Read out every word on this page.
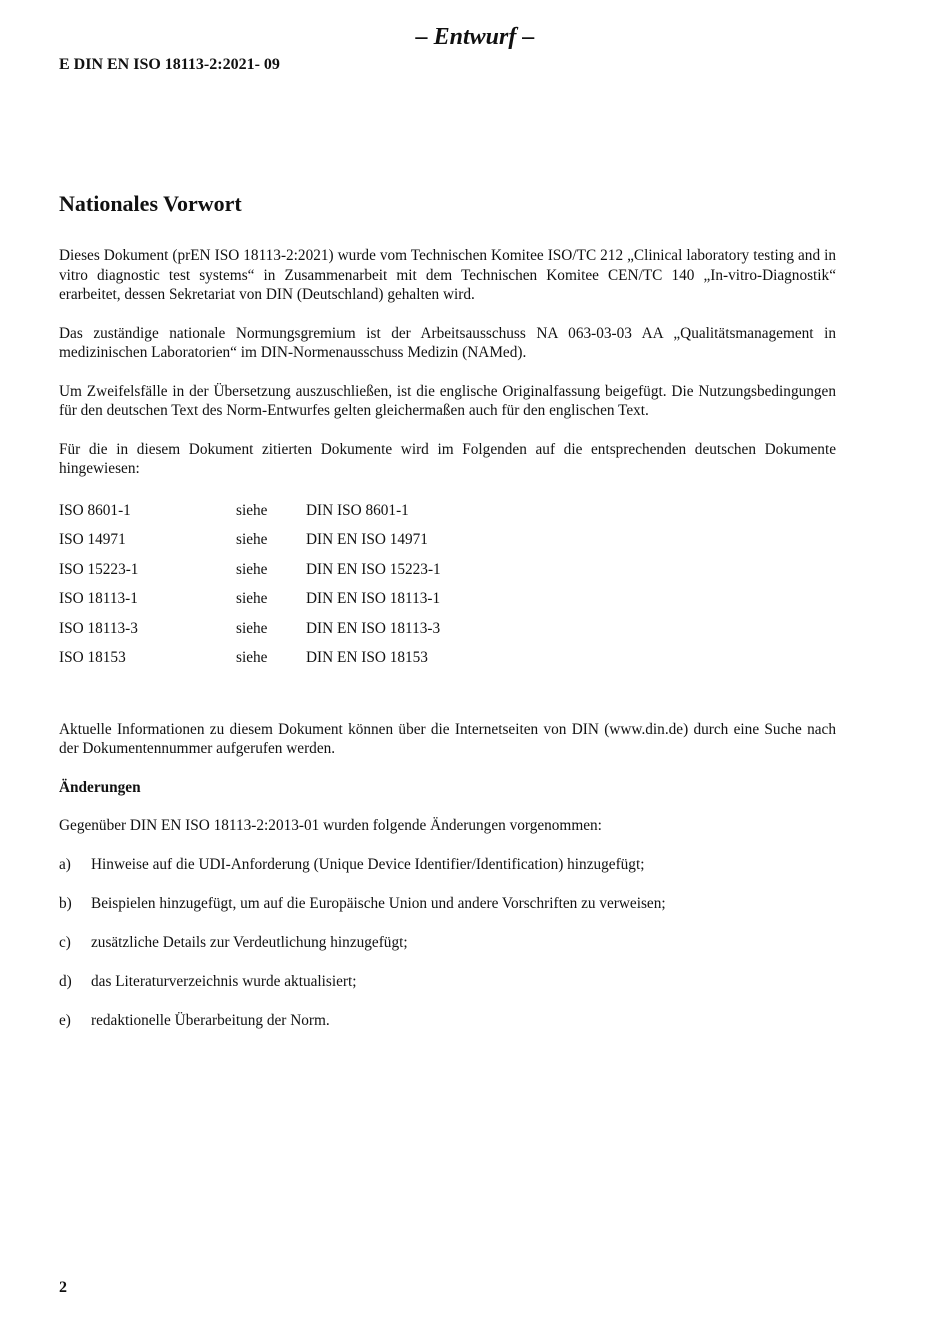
– Entwurf –
E DIN EN ISO 18113-2:2021- 09
Nationales Vorwort

Dieses Dokument (prEN ISO 18113-2:2021) wurde vom Technischen Komitee ISO/TC 212 „Clinical laboratory testing and in vitro diagnostic test systems“ in Zusammenarbeit mit dem Technischen Komitee CEN/TC 140 „In-vitro-Diagnostik“ erarbeitet, dessen Sekretariat von DIN (Deutschland) gehalten wird.

Das zuständige nationale Normungsgremium ist der Arbeitsausschuss NA 063-03-03 AA „Qualitätsmanagement in medizinischen Laboratorien“ im DIN-Normenausschuss Medizin (NAMed).

Um Zweifelsfälle in der Übersetzung auszuschließen, ist die englische Originalfassung beigefügt. Die Nutzungsbedingungen für den deutschen Text des Norm-Entwurfes gelten gleichermaßen auch für den englischen Text.

Für die in diesem Dokument zitierten Dokumente wird im Folgenden auf die entsprechenden deutschen Dokumente hingewiesen:

ISO 8601-1	siehe	DIN ISO 8601-1
ISO 14971	siehe	DIN EN ISO 14971
ISO 15223-1	siehe	DIN EN ISO 15223-1
ISO 18113-1	siehe	DIN EN ISO 18113-1
ISO 18113-3	siehe	DIN EN ISO 18113-3
ISO 18153	siehe	DIN EN ISO 18153

Aktuelle Informationen zu diesem Dokument können über die Internetseiten von DIN (www.din.de) durch eine Suche nach der Dokumentennummer aufgerufen werden.

Änderungen

Gegenüber DIN EN ISO 18113-2:2013-01 wurden folgende Änderungen vorgenommen:

a)	Hinweise auf die UDI-Anforderung (Unique Device Identifier/Identification) hinzugefügt;
b)	Beispielen hinzugefügt, um auf die Europäische Union und andere Vorschriften zu verweisen;
c)	zusätzliche Details zur Verdeutlichung hinzugefügt;
d)	das Literaturverzeichnis wurde aktualisiert;
e)	redaktionelle Überarbeitung der Norm.
2
